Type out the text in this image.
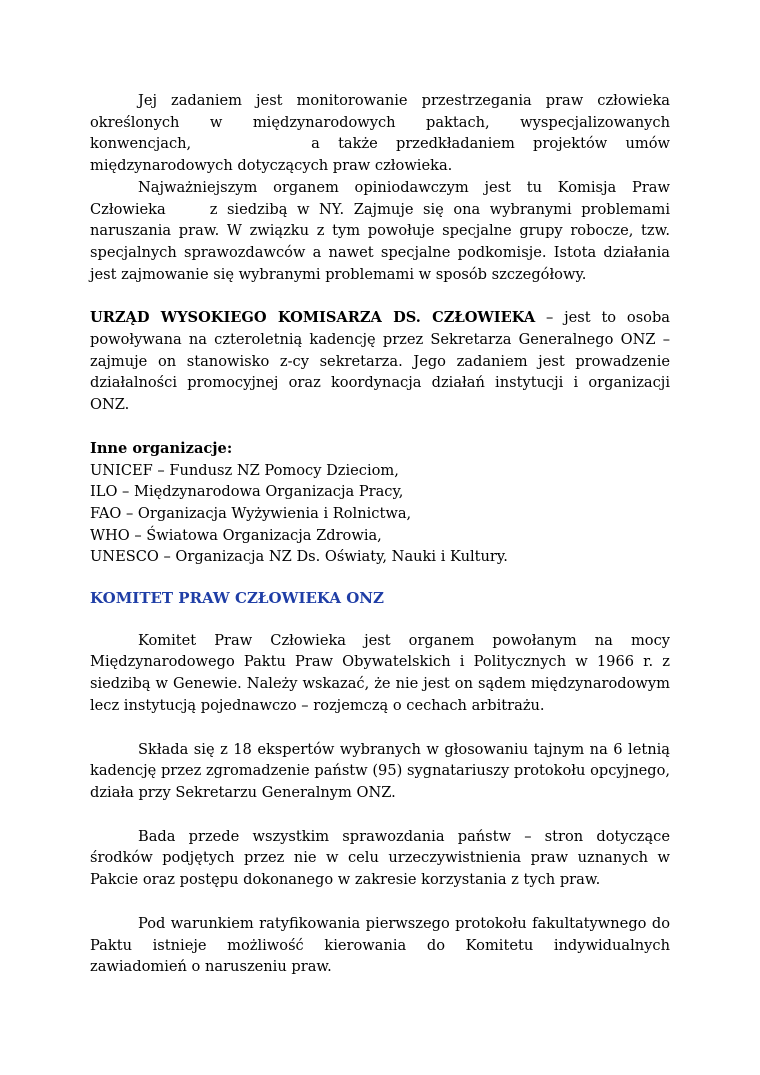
Jej zadaniem jest monitorowanie przestrzegania praw człowieka określonych w międzynarodowych paktach, wyspecjalizowanych konwencjach,	a także przedkładaniem projektów umów międzynarodowych dotyczących praw człowieka.

Najważniejszym organem opiniodawczym jest tu Komisja Praw Człowieka	z siedzibą w NY. Zajmuje się ona wybranymi problemami naruszania praw. W związku z tym powołuje specjalne grupy robocze, tzw. specjalnych sprawozdawców a nawet specjalne podkomisje. Istota działania jest zajmowanie się wybranymi problemami w sposób szczegółowy.

URZĄD WYSOKIEGO KOMISARZA DS. CZŁOWIEKA – jest to osoba powoływana na czteroletnią kadencję przez Sekretarza Generalnego ONZ – zajmuje on stanowisko z-cy sekretarza. Jego zadaniem jest prowadzenie działalności promocyjnej oraz koordynacja działań instytucji i organizacji ONZ.

Inne organizacje:

UNICEF – Fundusz NZ Pomocy Dzieciom,

ILO – Międzynarodowa Organizacja Pracy,

FAO – Organizacja Wyżywienia i Rolnictwa,

WHO – Światowa Organizacja Zdrowia,

UNESCO – Organizacja NZ Ds. Oświaty, Nauki i Kultury.

KOMITET PRAW CZŁOWIEKA ONZ

Komitet Praw Człowieka jest organem powołanym na mocy Międzynarodowego Paktu Praw Obywatelskich i Politycznych w 1966 r. z siedzibą w Genewie. Należy wskazać, że nie jest on sądem międzynarodowym lecz instytucją pojednawczo – rozjemczą o cechach arbitrażu.

Składa się z 18 ekspertów wybranych w głosowaniu tajnym na 6 letnią kadencję przez zgromadzenie państw (95) sygnatariuszy protokołu opcyjnego, działa przy Sekretarzu Generalnym ONZ.

Bada przede wszystkim sprawozdania państw – stron dotyczące środków podjętych przez nie w celu urzeczywistnienia praw uznanych w Pakcie oraz postępu dokonanego w zakresie korzystania z tych praw.

Pod warunkiem ratyfikowania pierwszego protokołu fakultatywnego do Paktu istnieje możliwość kierowania do Komitetu indywidualnych zawiadomień o naruszeniu praw.
